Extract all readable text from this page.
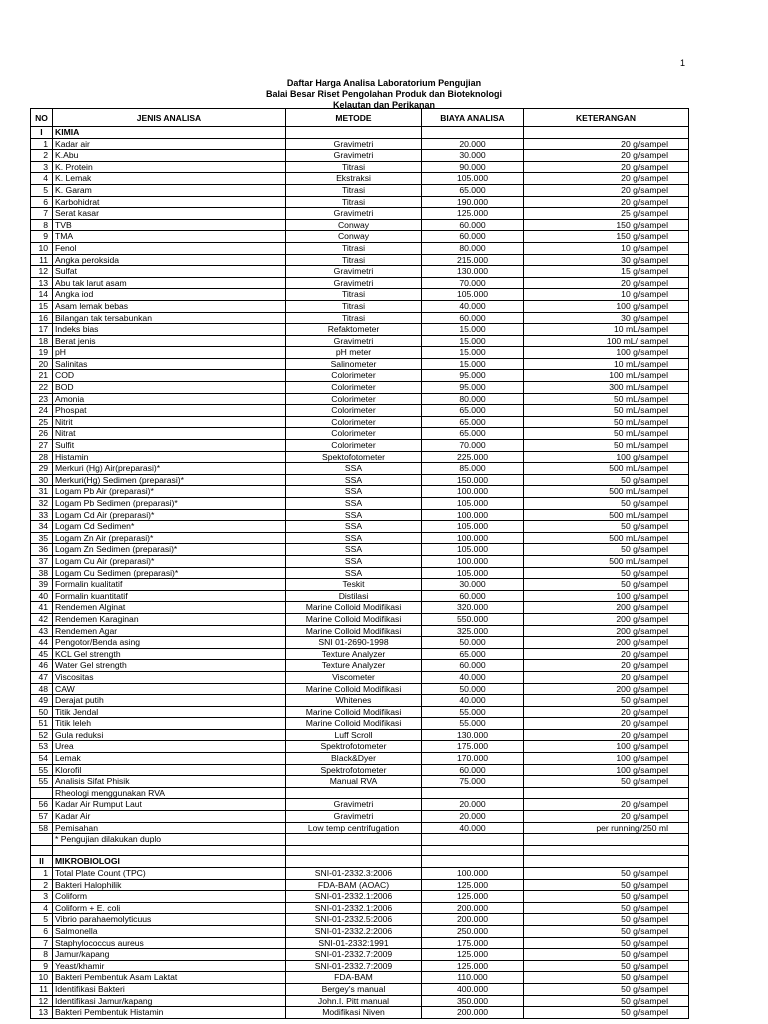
1
Daftar Harga Analisa Laboratorium Pengujian
Balai Besar Riset Pengolahan Produk dan Bioteknologi
Kelautan dan Perikanan
NO	JENIS ANALISA	METODE	BIAYA ANALISA	KETERANGAN
I	KIMIA			
1	Kadar air	Gravimetri	20.000	20 g/sampel
2	K.Abu	Gravimetri	30.000	20 g/sampel
3	K. Protein	Titrasi	90.000	20 g/sampel
4	K. Lemak	Ekstraksi	105.000	20 g/sampel
5	K. Garam	Titrasi	65.000	20 g/sampel
6	Karbohidrat	Titrasi	190.000	20 g/sampel
7	Serat kasar	Gravimetri	125.000	25 g/sampel
8	TVB	Conway	60.000	150 g/sampel
9	TMA	Conway	60.000	150 g/sampel
10	Fenol	Titrasi	80.000	10 g/sampel
11	Angka peroksida	Titrasi	215.000	30 g/sampel
12	Sulfat	Gravimetri	130.000	15 g/sampel
13	Abu tak larut asam	Gravimetri	70.000	20 g/sampel
14	Angka iod	Titrasi	105.000	10 g/sampel
15	Asam lemak bebas	Titrasi	40.000	100 g/sampel
16	Bilangan tak tersabunkan	Titrasi	60.000	30 g/sampel
17	Indeks bias	Refaktometer	15.000	10 mL/sampel
18	Berat jenis	Gravimetri	15.000	100 mL/ sampel
19	pH	pH meter	15.000	100 g/sampel
20	Salinitas	Salinometer	15.000	10 mL/sampel
21	COD	Colorimeter	95.000	100 mL/sampel
22	BOD	Colorimeter	95.000	300 mL/sampel
23	Amonia	Colorimeter	80.000	50 mL/sampel
24	Phospat	Colorimeter	65.000	50 mL/sampel
25	Nitrit	Colorimeter	65.000	50 mL/sampel
26	Nitrat	Colorimeter	65.000	50 mL/sampel
27	Sulfit	Colorimeter	70.000	50 mL/sampel
28	Histamin	Spektofotometer	225.000	100 g/sampel
29	Merkuri (Hg) Air(preparasi)*	SSA	85.000	500 mL/sampel
30	Merkuri(Hg) Sedimen (preparasi)*	SSA	150.000	50 g/sampel
31	Logam Pb Air (preparasi)*	SSA	100.000	500 mL/sampel
32	Logam Pb Sedimen (preparasi)*	SSA	105.000	50 g/sampel
33	Logam Cd Air (preparasi)*	SSA	100.000	500 mL/sampel
34	Logam Cd Sedimen*	SSA	105.000	50 g/sampel
35	Logam Zn Air (preparasi)*	SSA	100.000	500 mL/sampel
36	Logam Zn Sedimen (preparasi)*	SSA	105.000	50 g/sampel
37	Logam Cu Air (preparasi)*	SSA	100.000	500 mL/sampel
38	Logam Cu Sedimen (preparasi)*	SSA	105.000	50 g/sampel
39	Formalin kualitatif	Teskit	30.000	50 g/sampel
40	Formalin kuantitatif	Distilasi	60.000	100 g/sampel
41	Rendemen Alginat	Marine Colloid Modifikasi	320.000	200 g/sampel
42	Rendemen Karaginan	Marine Colloid Modifikasi	550.000	200 g/sampel
43	Rendemen Agar	Marine Colloid Modifikasi	325.000	200 g/sampel
44	Pengotor/Benda asing	SNI 01-2690-1998	50.000	200 g/sampel
45	KCL Gel strength	Texture Analyzer	65.000	20 g/sampel
46	Water Gel strength	Texture Analyzer	60.000	20 g/sampel
47	Viscositas	Viscometer	40.000	20 g/sampel
48	CAW	Marine Colloid Modifikasi	50.000	200 g/sampel
49	Derajat putih	Whitenes	40.000	50 g/sampel
50	Titik Jendal	Marine Colloid Modifikasi	55.000	20 g/sampel
51	Titik leleh	Marine Colloid Modifikasi	55.000	20 g/sampel
52	Gula reduksi	Luff Scroll	130.000	20 g/sampel
53	Urea	Spektrofotometer	175.000	100 g/sampel
54	Lemak	Black&Dyer	170.000	100 g/sampel
55	Klorofil	Spektrofotometer	60.000	100 g/sampel
55	Analisis Sifat Phisik	Manual RVA	75.000	50 g/sampel
	Rheologi menggunakan RVA			
56	Kadar Air Rumput Laut	Gravimetri	20.000	20 g/sampel
57	Kadar Air	Gravimetri	20.000	20 g/sampel
58	Pemisahan	Low temp centrifugation	40.000	per running/250 ml
	* Pengujian dilakukan duplo			

II	MIKROBIOLOGI			
1	Total Plate Count (TPC)	SNI-01-2332.3:2006	100.000	50 g/sampel
2	Bakteri Halophilik	FDA-BAM (AOAC)	125.000	50 g/sampel
3	Coliform	SNI-01-2332.1:2006	125.000	50 g/sampel
4	Coliform + E. coli	SNI-01-2332.1:2006	200.000	50 g/sampel
5	Vibrio parahaemolyticuus	SNI-01-2332.5:2006	200.000	50 g/sampel
6	Salmonella	SNI-01-2332.2:2006	250.000	50 g/sampel
7	Staphylococcus aureus	SNI-01-2332:1991	175.000	50 g/sampel
8	Jamur/kapang	SNI-01-2332.7:2009	125.000	50 g/sampel
9	Yeast/khamir	SNI-01-2332.7:2009	125.000	50 g/sampel
10	Bakteri Pembentuk Asam Laktat	FDA-BAM	110.000	50 g/sampel
11	Identifikasi Bakteri	Bergey's manual	400.000	50 g/sampel
12	Identifikasi Jamur/kapang	John.I. Pitt manual	350.000	50 g/sampel
13	Bakteri Pembentuk Histamin	Modifikasi Niven	200.000	50 g/sampel
